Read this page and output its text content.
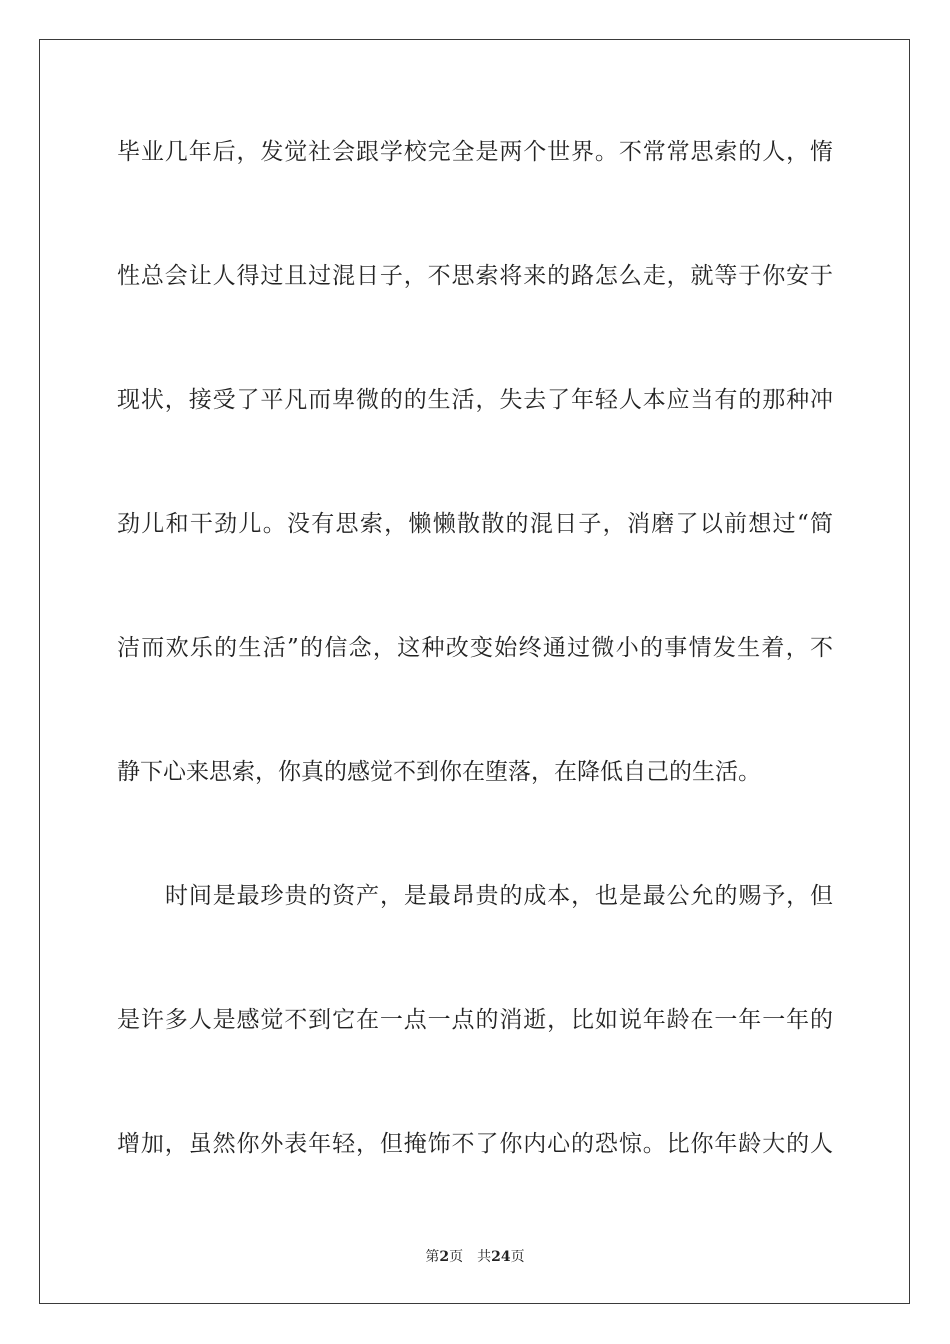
毕业几年后，发觉社会跟学校完全是两个世界。不常常思索的人，惰
性总会让人得过且过混日子，不思索将来的路怎么走，就等于你安于
现状，接受了平凡而卑微的的生活，失去了年轻人本应当有的那种冲
劲儿和干劲儿。没有思索，懒懒散散的混日子，消磨了以前想过“简
洁而欢乐的生活”的信念，这种改变始终通过微小的事情发生着，不
静下心来思索，你真的感觉不到你在堕落，在降低自己的生活。
时间是最珍贵的资产，是最昂贵的成本，也是最公允的赐予，但
是许多人是感觉不到它在一点一点的消逝，比如说年龄在一年一年的
增加，虽然你外表年轻，但掩饰不了你内心的恐惊。比你年龄大的人
第2页 共24页
